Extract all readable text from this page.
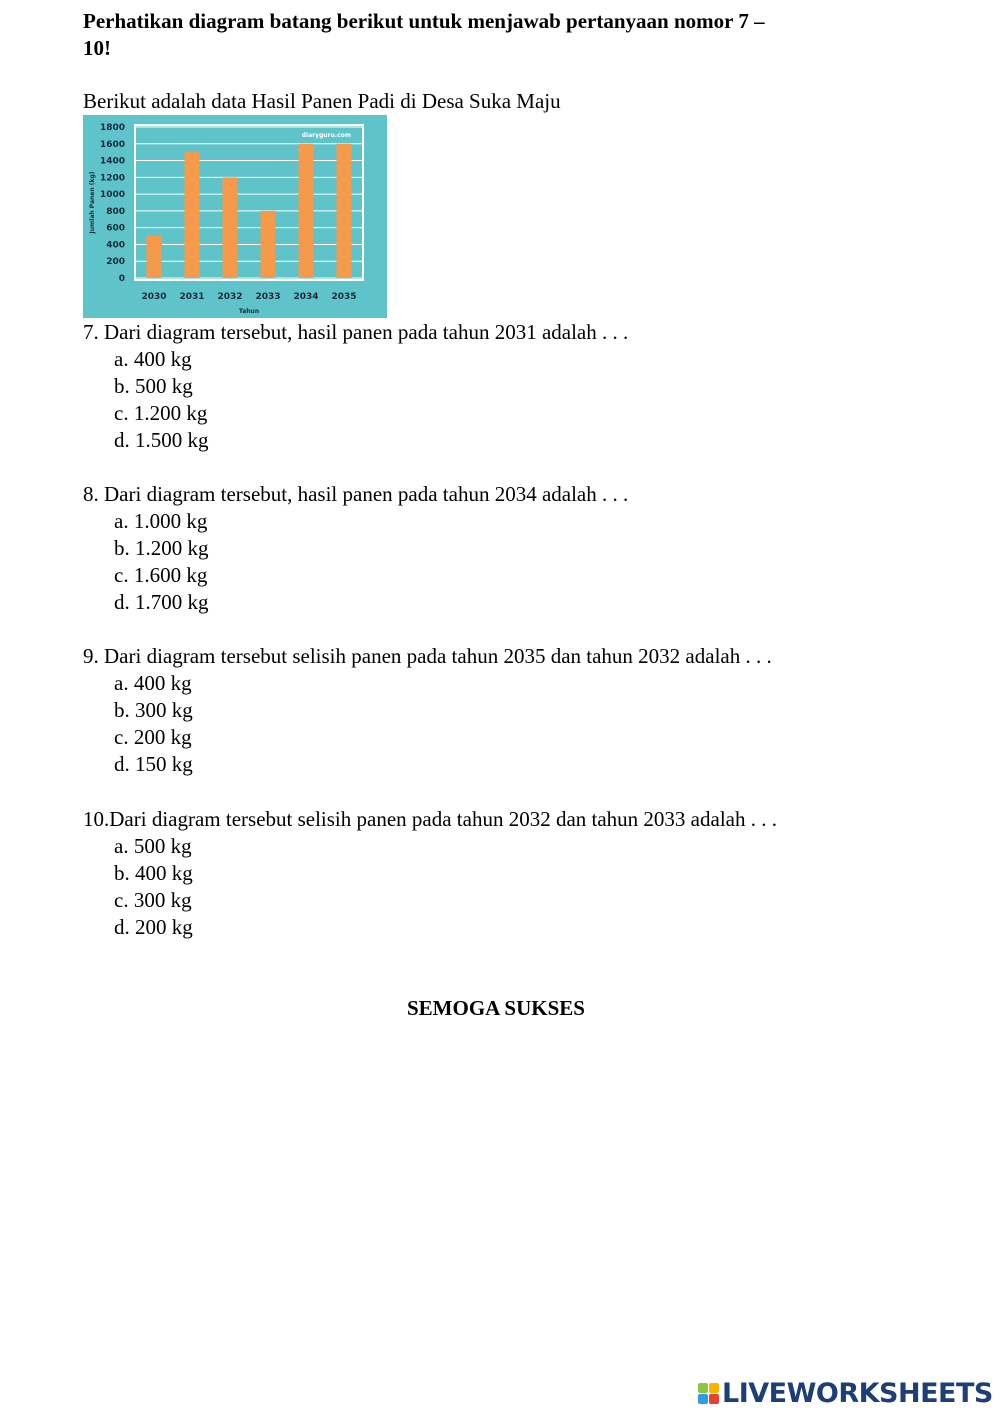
Perhatikan diagram batang berikut untuk menjawab pertanyaan nomor 7 –
10!
Berikut adalah data Hasil Panen Padi di Desa Suka Maju
0
200
400
600
800
1000
1200
1400
1600
1800
2030 2031 2032 2033 2034 2035
Tahun
Jumlah Panen (kg)
diaryguru.com
7. Dari diagram tersebut, hasil panen pada tahun 2031 adalah . . .
a. 400 kg
b. 500 kg
c. 1.200 kg
d. 1.500 kg
8. Dari diagram tersebut, hasil panen pada tahun 2034 adalah . . .
a. 1.000 kg
b. 1.200 kg
c. 1.600 kg
d. 1.700 kg
9. Dari diagram tersebut selisih panen pada tahun 2035 dan tahun 2032 adalah . . .
a. 400 kg
b. 300 kg
c. 200 kg
d. 150 kg
10.Dari diagram tersebut selisih panen pada tahun 2032 dan tahun 2033 adalah . . .
a. 500 kg
b. 400 kg
c. 300 kg
d. 200 kg
SEMOGA SUKSES
LIVEWORKSHEETS
